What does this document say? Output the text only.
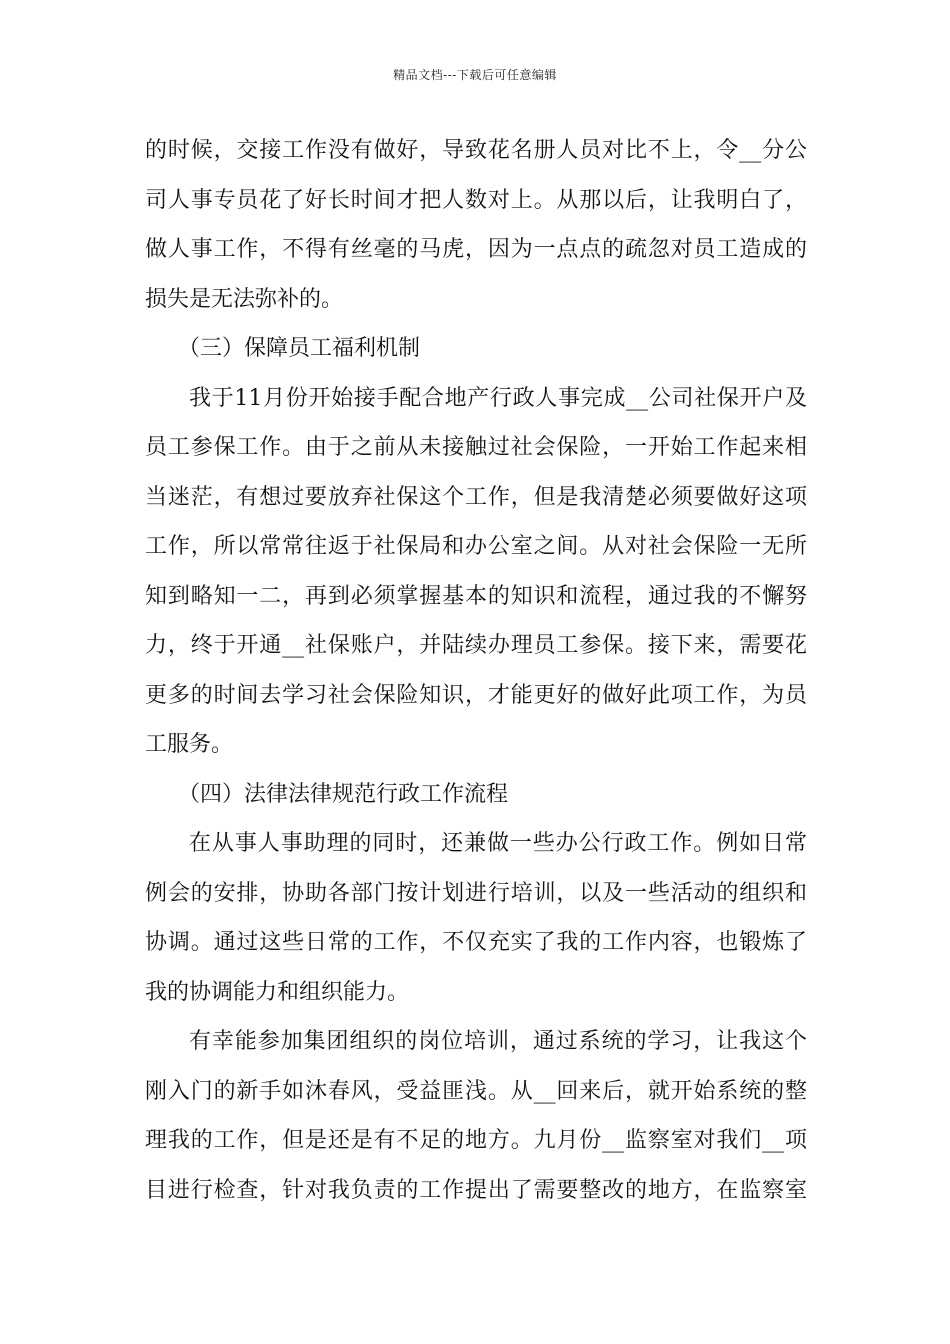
精品文档---下载后可任意编辑
的时候，交接工作没有做好，导致花名册人员对比不上，令__分公
司人事专员花了好长时间才把人数对上。从那以后，让我明白了，
做人事工作，不得有丝毫的马虎，因为一点点的疏忽对员工造成的
损失是无法弥补的。
（三）保障员工福利机制
我于11月份开始接手配合地产行政人事完成__公司社保开户及
员工参保工作。由于之前从未接触过社会保险，一开始工作起来相
当迷茫，有想过要放弃社保这个工作，但是我清楚必须要做好这项
工作，所以常常往返于社保局和办公室之间。从对社会保险一无所
知到略知一二，再到必须掌握基本的知识和流程，通过我的不懈努
力，终于开通__社保账户，并陆续办理员工参保。接下来，需要花
更多的时间去学习社会保险知识，才能更好的做好此项工作，为员
工服务。
（四）法律法律规范行政工作流程
在从事人事助理的同时，还兼做一些办公行政工作。例如日常
例会的安排，协助各部门按计划进行培训，以及一些活动的组织和
协调。通过这些日常的工作，不仅充实了我的工作内容，也锻炼了
我的协调能力和组织能力。
有幸能参加集团组织的岗位培训，通过系统的学习，让我这个
刚入门的新手如沐春风，受益匪浅。从__回来后，就开始系统的整
理我的工作，但是还是有不足的地方。九月份__监察室对我们__项
目进行检查，针对我负责的工作提出了需要整改的地方，在监察室
